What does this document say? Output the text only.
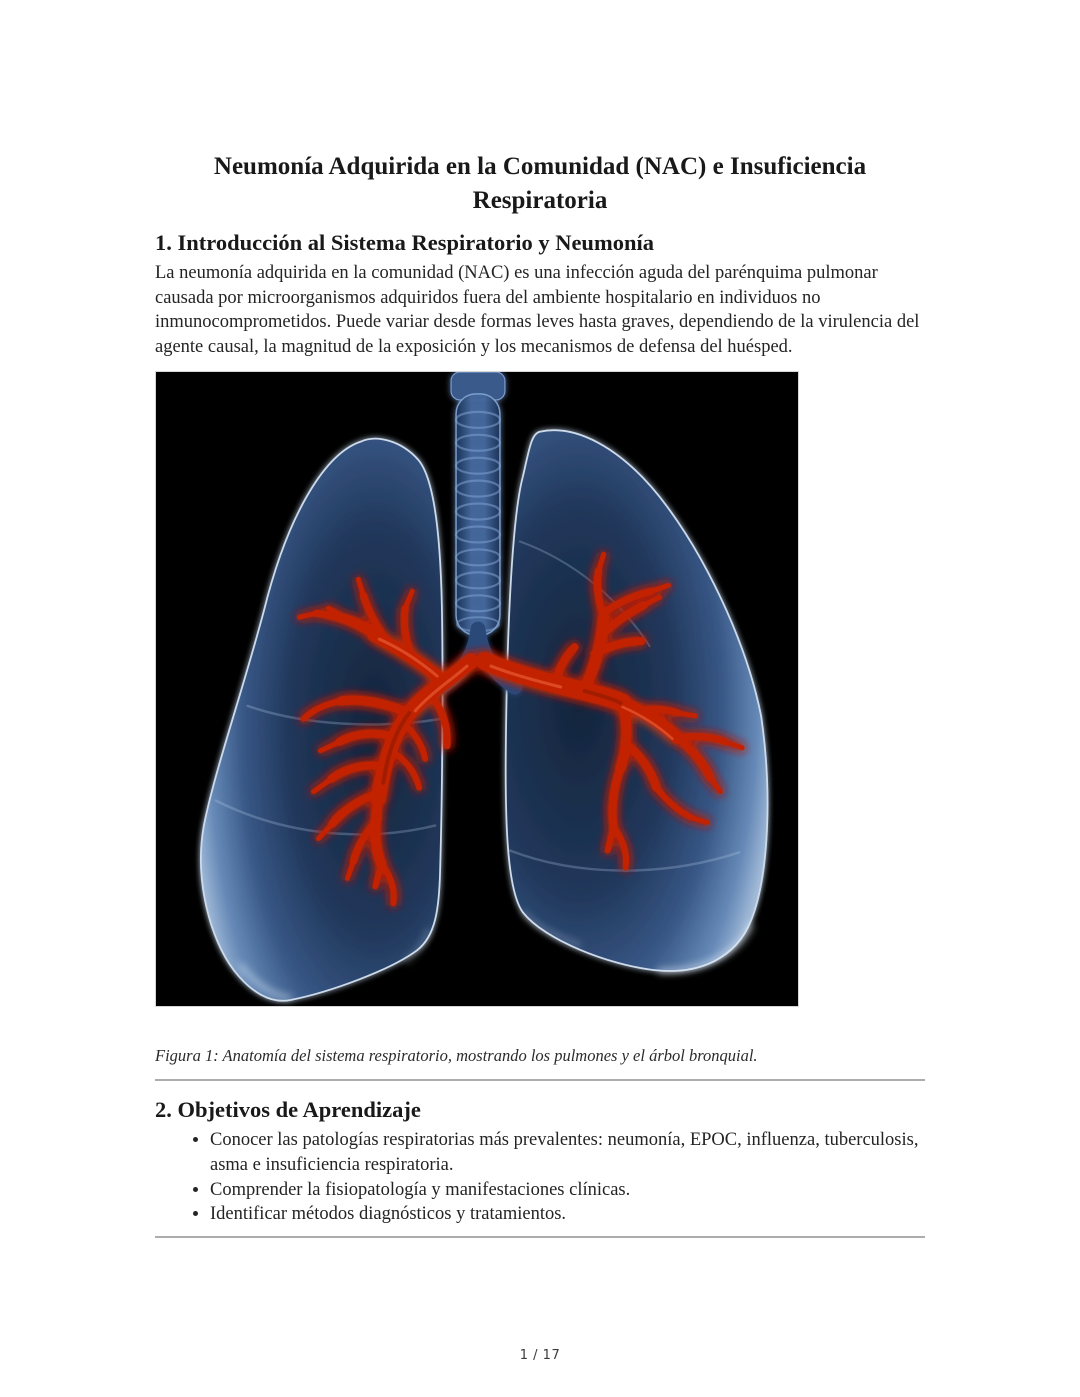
Neumonía Adquirida en la Comunidad (NAC) e Insuficiencia Respiratoria
1. Introducción al Sistema Respiratorio y Neumonía

La neumonía adquirida en la comunidad (NAC) es una infección aguda del parénquima pulmonar causada por microorganismos adquiridos fuera del ambiente hospitalario en individuos no inmunocomprometidos. Puede variar desde formas leves hasta graves, dependiendo de la virulencia del agente causal, la magnitud de la exposición y los mecanismos de defensa del huésped.

Figura 1: Anatomía del sistema respiratorio, mostrando los pulmones y el árbol bronquial.
2. Objetivos de Aprendizaje
• Conocer las patologías respiratorias más prevalentes: neumonía, EPOC, influenza, tuberculosis, asma e insuficiencia respiratoria.
• Comprender la fisiopatología y manifestaciones clínicas.
• Identificar métodos diagnósticos y tratamientos.
1 / 17
